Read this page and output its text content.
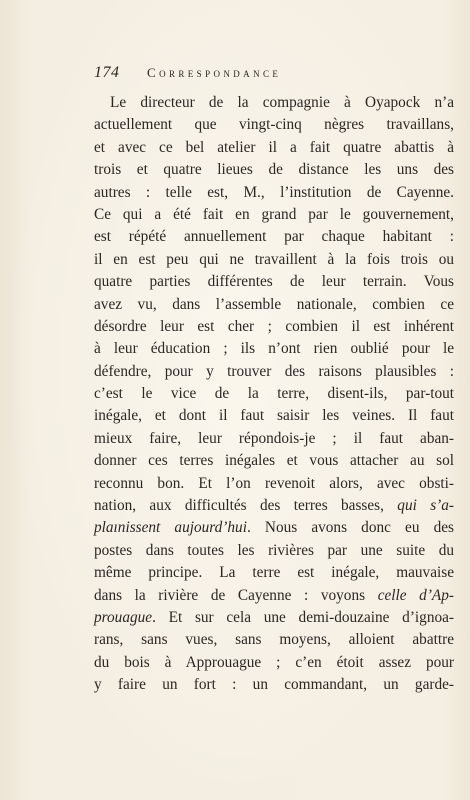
174 Correspondance
Le directeur de la compagnie à Oyapock n’a
actuellement que vingt-cinq nègres travaillans,
et avec ce bel atelier il a fait quatre abattis à
trois et quatre lieues de distance les uns des
autres : telle est, M., l’institution de Cayenne.
Ce qui a été fait en grand par le gouvernement,
est répété annuellement par chaque habitant :
il en est peu qui ne travaillent à la fois trois ou
quatre parties différentes de leur terrain. Vous
avez vu, dans l’assemble nationale, combien ce
désordre leur est cher ; combien il est inhérent
à leur éducation ; ils n’ont rien oublié pour le
défendre, pour y trouver des raisons plausibles :
c’est le vice de la terre, disent-ils, par-tout
inégale, et dont il faut saisir les veines. Il faut
mieux faire, leur répondois-je ; il faut aban-
donner ces terres inégales et vous attacher au sol
reconnu bon. Et l’on revenoit alors, avec obsti-
nation, aux difficultés des terres basses, qui s’a-
plaınissent aujourd’hui. Nous avons donc eu des
postes dans toutes les rivières par une suite du
même principe. La terre est inégale, mauvaise
dans la rivière de Cayenne : voyons celle d’Ap-
prouague. Et sur cela une demi-douzaine d’ignoa-
rans, sans vues, sans moyens, alloient abattre
du bois à Approuague ; c’en étoit assez pour
y faire un fort : un commandant, un garde-
